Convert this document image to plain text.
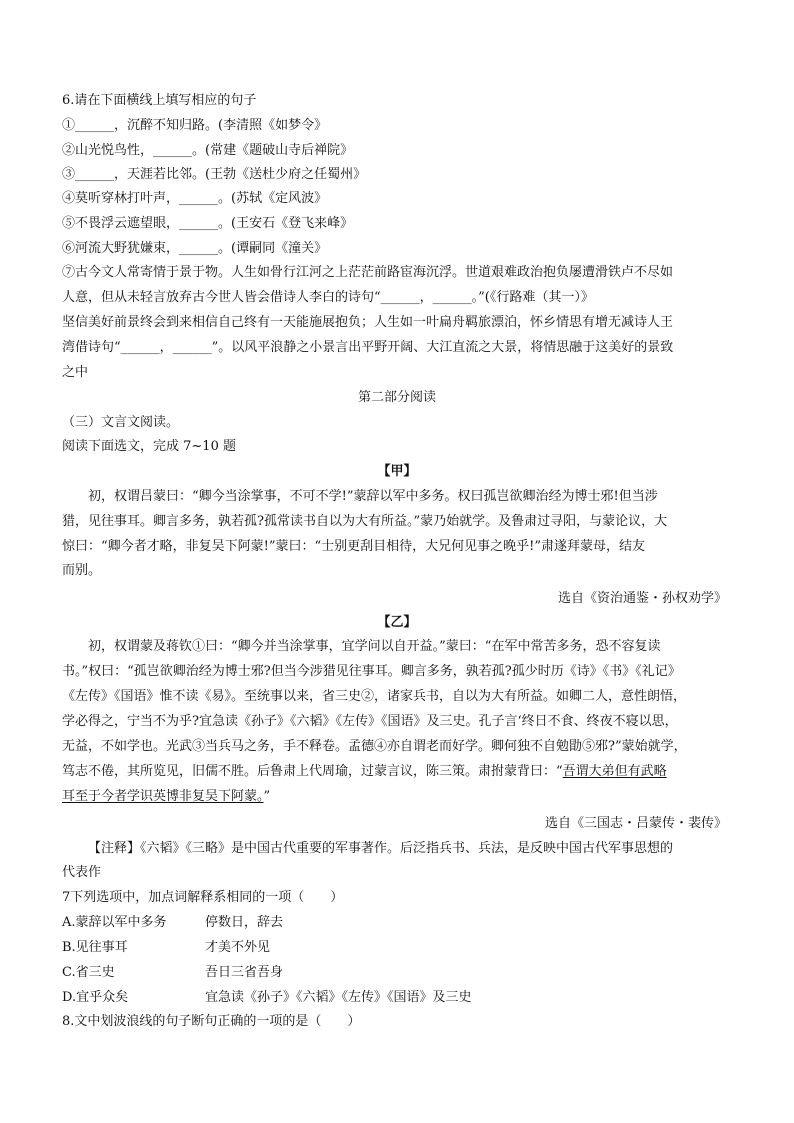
6.请在下面横线上填写相应的句子
①______，沉醉不知归路。(李清照《如梦令》
②山光悦鸟性，______。(常建《题破山寺后禅院》
③______，天涯若比邻。(王勃《送杜少府之任蜀州》
④莫听穿林打叶声，______。(苏轼《定风波》
⑤不畏浮云遮望眼，______。(王安石《登飞来峰》
⑥河流大野犹嫌束，______。(谭嗣同《潼关》
⑦古今文人常寄情于景于物。人生如骨行江河之上茫茫前路宦海沉浮。世道艰难政治抱负屡遭滑铁卢不尽如
人意，但从未轻言放弃古今世人皆会借诗人李白的诗句“______，______。”(《行路难（其一）》
坚信美好前景终会到来相信自己终有一天能施展抱负；人生如一叶扁舟羁旅漂泊，怀乡情思有增无减诗人王
湾借诗句“______，______”。以风平浪静之小景言出平野开阔、大江直流之大景，将情思融于这美好的景致
之中
第二部分阅读
（三）文言文阅读。
阅读下面选文，完成 7~10 题
【甲】
初，权谓吕蒙曰：“卿今当涂掌事，不可不学!”蒙辞以军中多务。权曰孤岂欲卿治经为博士邪!但当涉
猎，见往事耳。卿言多务，孰若孤?孤常读书自以为大有所益。”蒙乃始就学。及鲁肃过寻阳，与蒙论议，大
惊曰：“卿今者才略，非复吴下阿蒙!”蒙曰：“士别更刮目相待，大兄何见事之晚乎!”肃遂拜蒙母，结友
而别。
选自《资治通鉴・孙权劝学》
【乙】
初，权谓蒙及蒋钦①曰：“卿今并当涂掌事，宜学问以自开益。”蒙曰：“在军中常苦多务，恐不容复读
书。”权曰：“孤岂欲卿治经为博士邪?但当今涉猎见往事耳。卿言多务，孰若孤?孤少时历《诗》《书》《礼记》
《左传》《国语》惟不读《易》。至统事以来，省三史②，诸家兵书，自以为大有所益。如卿二人，意性朗悟，
学必得之，宁当不为乎?宜急读《孙子》《六韬》《左传》《国语》及三史。孔子言‘终日不食、终夜不寝以思，
无益，不如学也。光武③当兵马之务，手不释卷。孟德④亦自谓老而好学。卿何独不自勉勖⑤邪?”蒙始就学，
笃志不倦，其所览见，旧儒不胜。后鲁肃上代周瑜，过蒙言议，陈三策。肃拊蒙背曰：“吾谓大弟但有武略
耳至于今者学识英博非复吴下阿蒙。”
选自《三国志・吕蒙传・裴传》
【注释】《六韬》《三略》是中国古代重要的军事著作。后泛指兵书、兵法，是反映中国古代军事思想的
代表作
7下列选项中，加点词解释系相同的一项（　　）
A.蒙辞以军中多务	停数日，辞去
B.见往事耳	才美不外见
C.省三史	吾日三省吾身
D.宜乎众矣	宜急读《孙子》《六韬》《左传》《国语》及三史
8.文中划波浪线的句子断句正确的一项的是（　　）
